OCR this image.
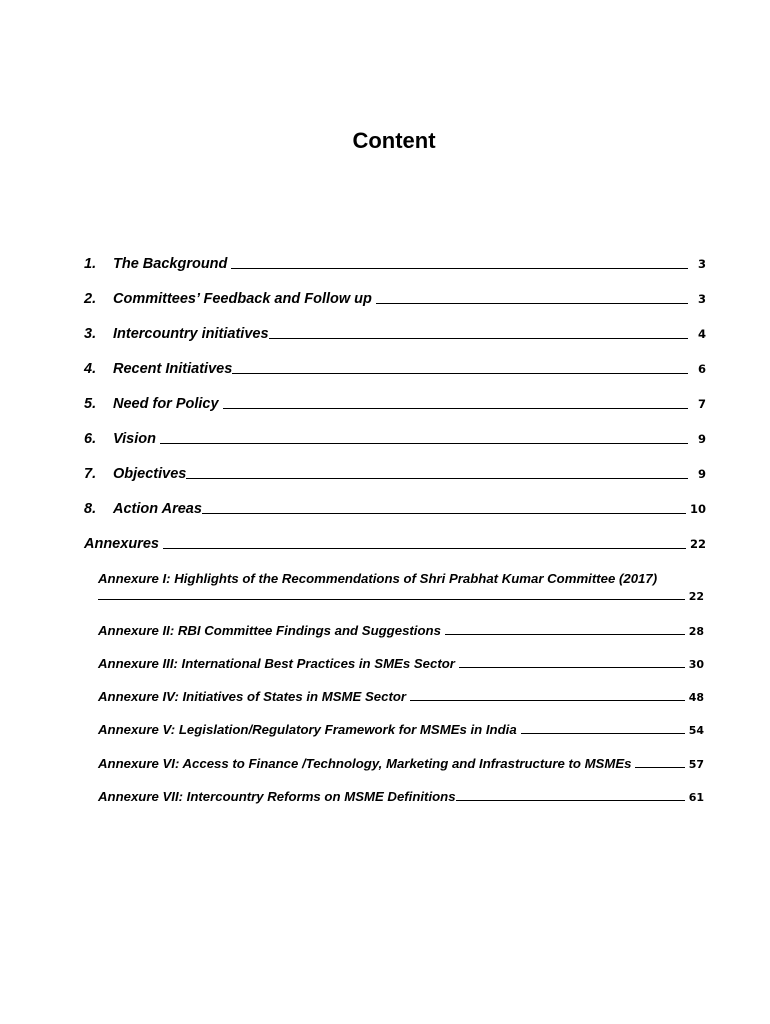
Content
1.	The Background	3
2.	Committees’ Feedback and Follow up	3
3.	Intercountry initiatives	4
4.	Recent Initiatives	6
5.	Need for Policy	7
6.	Vision	9
7.	Objectives	9
8.	Action Areas	10
Annexures	22
Annexure I: Highlights of the Recommendations of Shri Prabhat Kumar Committee (2017)
22
Annexure II: RBI Committee Findings and Suggestions	28
Annexure III: International Best Practices in SMEs Sector	30
Annexure IV: Initiatives of States in MSME Sector	48
Annexure V: Legislation/Regulatory Framework for MSMEs in India	54
Annexure VI: Access to Finance /Technology, Marketing and Infrastructure to MSMEs	57
Annexure VII: Intercountry Reforms on MSME Definitions	61
